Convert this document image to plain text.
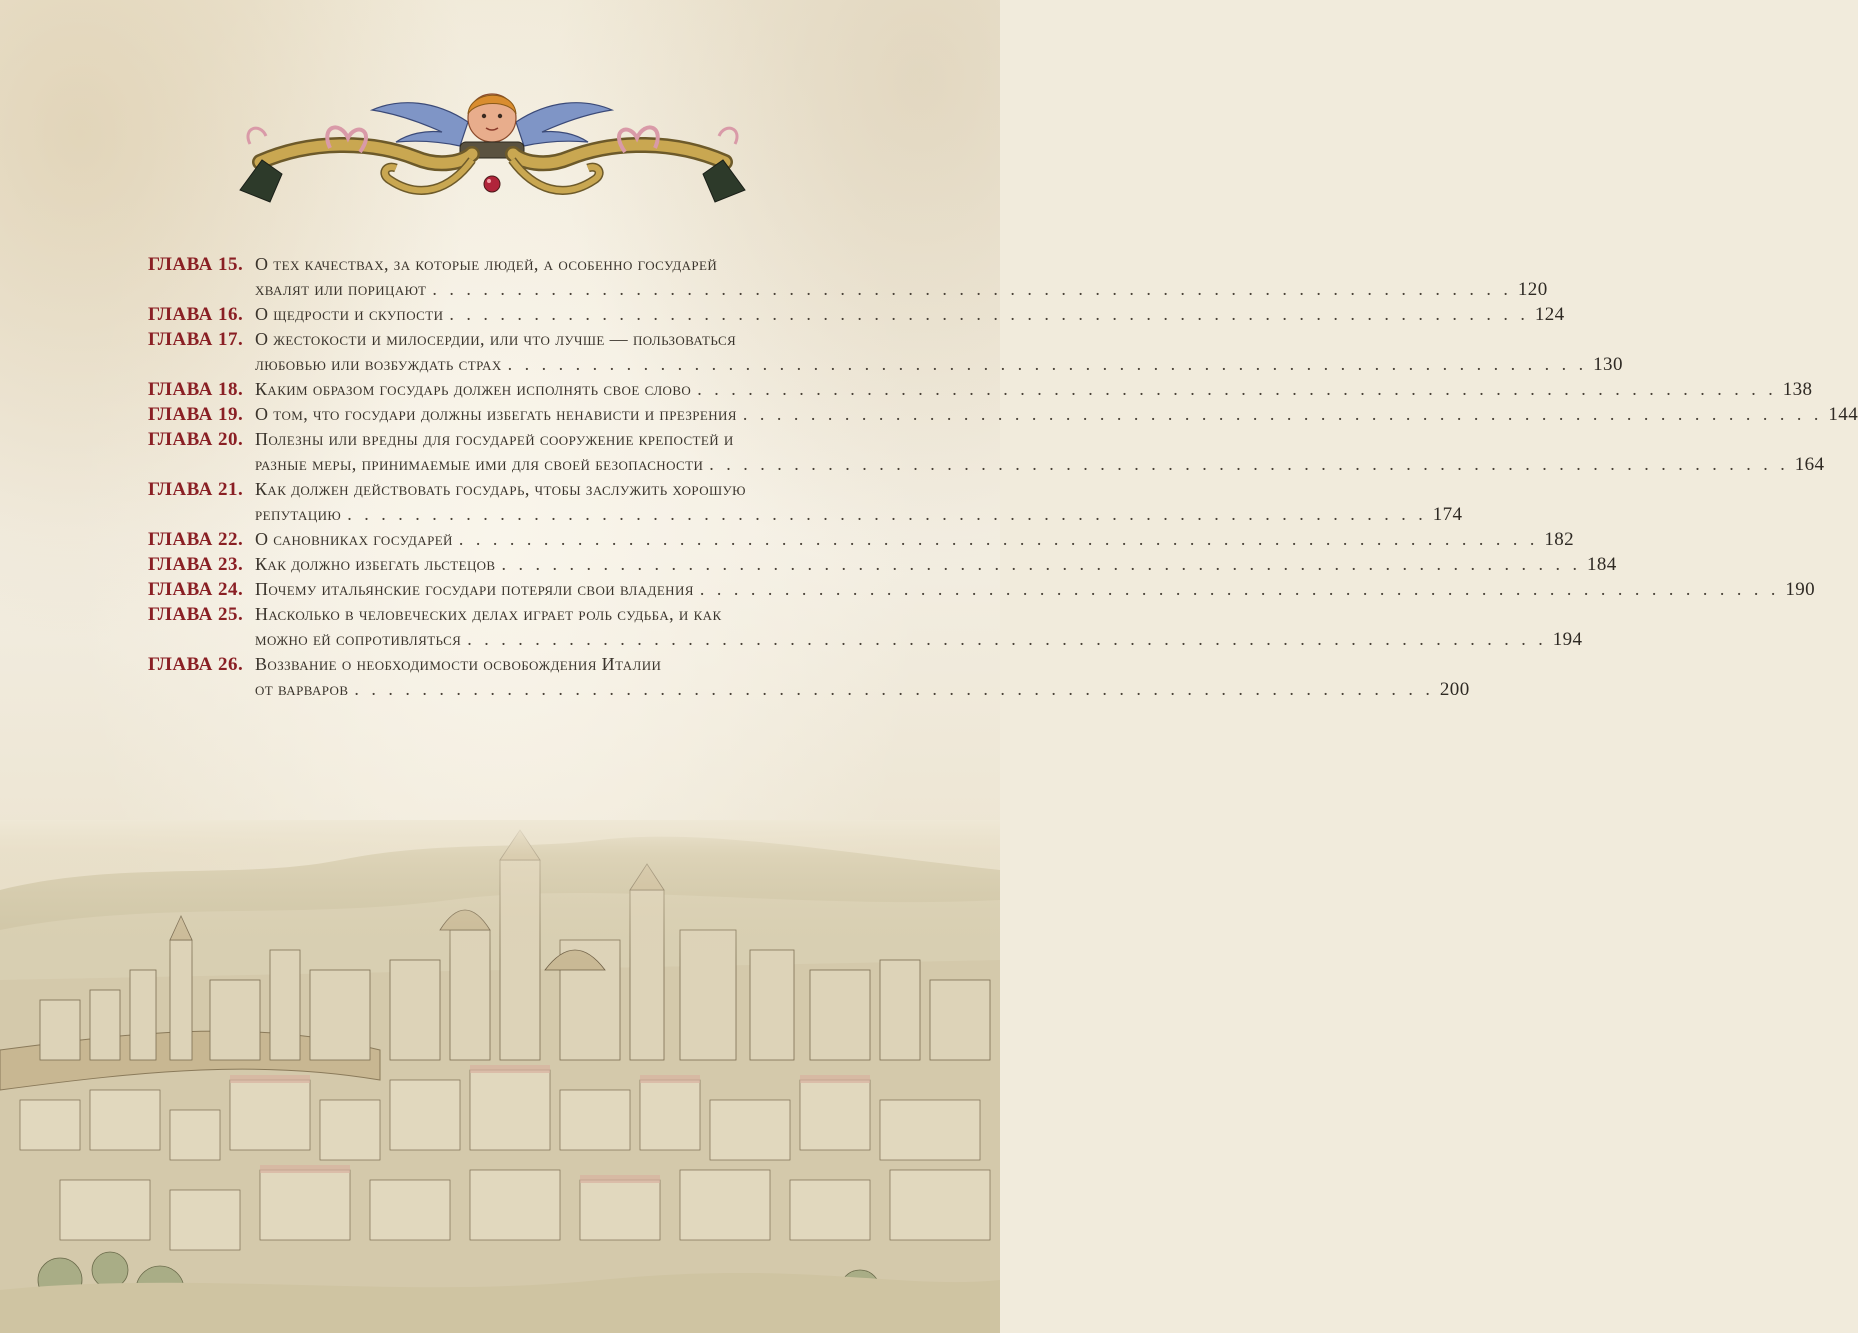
ГЛАВА 15. О тех качествах, за которые людей, а особенно государей
хвалят или порицают . . . . . . . . . . . . . . . . . . . . . . . . . . . . . . . . . . . . . . . . . . . . . . . . . . . . . . . . . . . . . . . . 120
ГЛАВА 16. О щедрости и скупости . . . . . . . . . . . . . . . . . . . . . . . . . . . . . . . . . . . . . . . . . . . . . . . . . . . . . . . . . . . . . . . . 124
ГЛАВА 17. О жестокости и милосердии, или что лучше — пользоваться
любовью или возбуждать страх . . . . . . . . . . . . . . . . . . . . . . . . . . . . . . . . . . . . . . . . . . . . . . . . . . . . . . . . . . . . . . . . 130
ГЛАВА 18. Каким образом государь должен исполнять свое слово . . . . . . . . . . . . . . . . . . . . . . . . . . . . . . . . . . . . . . . . . . . . . . . . . . . . . . . . . . . . . . . . 138
ГЛАВА 19. О том, что государи должны избегать ненависти и презрения . . . . . . . . . . . . . . . . . . . . . . . . . . . . . . . . . . . . . . . . . . . . . . . . . . . . . . . . . . . . . . . . 144
ГЛАВА 20. Полезны или вредны для государей сооружение крепостей и
разные меры, принимаемые ими для своей безопасности . . . . . . . . . . . . . . . . . . . . . . . . . . . . . . . . . . . . . . . . . . . . . . . . . . . . . . . . . . . . . . . . 164
ГЛАВА 21. Как должен действовать государь, чтобы заслужить хорошую
репутацию . . . . . . . . . . . . . . . . . . . . . . . . . . . . . . . . . . . . . . . . . . . . . . . . . . . . . . . . . . . . . . . . 174
ГЛАВА 22. О сановниках государей . . . . . . . . . . . . . . . . . . . . . . . . . . . . . . . . . . . . . . . . . . . . . . . . . . . . . . . . . . . . . . . . 182
ГЛАВА 23. Как должно избегать льстецов . . . . . . . . . . . . . . . . . . . . . . . . . . . . . . . . . . . . . . . . . . . . . . . . . . . . . . . . . . . . . . . . 184
ГЛАВА 24. Почему итальянские государи потеряли свои владения . . . . . . . . . . . . . . . . . . . . . . . . . . . . . . . . . . . . . . . . . . . . . . . . . . . . . . . . . . . . . . . . 190
ГЛАВА 25. Насколько в человеческих делах играет роль судьба, и как
можно ей сопротивляться . . . . . . . . . . . . . . . . . . . . . . . . . . . . . . . . . . . . . . . . . . . . . . . . . . . . . . . . . . . . . . . . 194
ГЛАВА 26. Воззвание о необходимости освобождения Италии
от варваров . . . . . . . . . . . . . . . . . . . . . . . . . . . . . . . . . . . . . . . . . . . . . . . . . . . . . . . . . . . . . . . . 200
